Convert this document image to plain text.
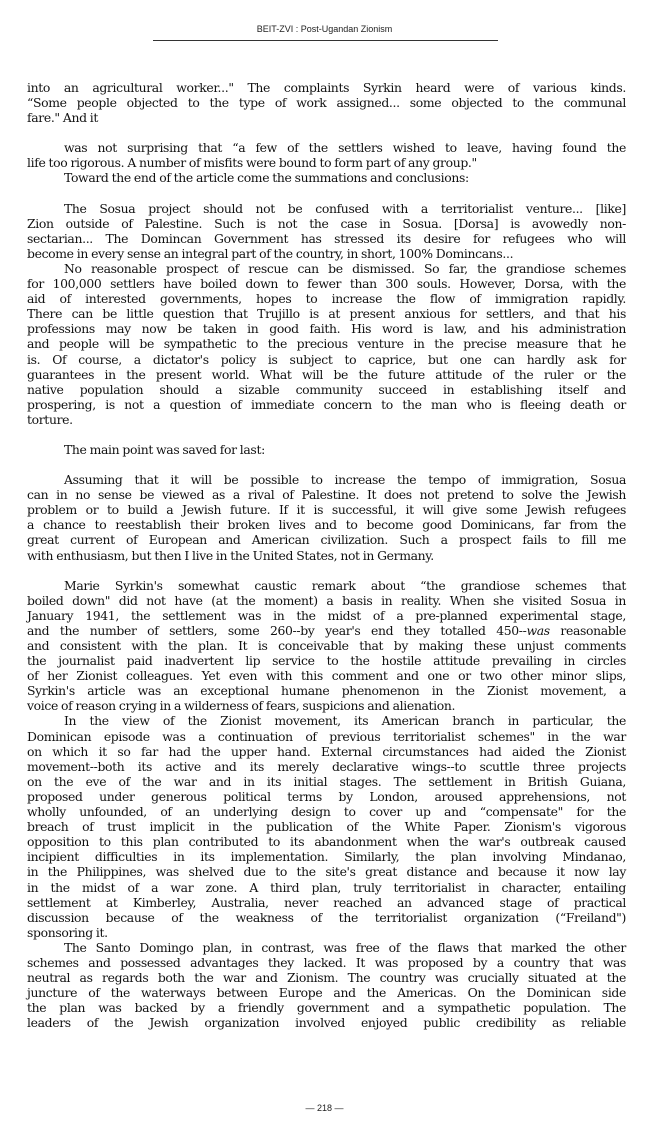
BEIT-ZVI : Post-Ugandan Zionism
into an agricultural worker..." The complaints Syrkin heard were of various kinds.
“Some people objected to the type of work assigned... some objected to the communal
fare." And it
was not surprising that “a few of the settlers wished to leave, having found the
life too rigorous. A number of misfits were bound to form part of any group."
Toward the end of the article come the summations and conclusions:
The Sosua project should not be confused with a territorialist venture... [like]
Zion outside of Palestine. Such is not the case in Sosua. [Dorsa] is avowedly non-
sectarian... The Domincan Government has stressed its desire for refugees who will
become in every sense an integral part of the country, in short, 100% Domincans...
No reasonable prospect of rescue can be dismissed. So far, the grandiose schemes
for 100,000 settlers have boiled down to fewer than 300 souls. However, Dorsa, with the
aid of interested governments, hopes to increase the flow of immigration rapidly.
There can be little question that Trujillo is at present anxious for settlers, and that his
professions may now be taken in good faith. His word is law, and his administration
and people will be sympathetic to the precious venture in the precise measure that he
is. Of course, a dictator's policy is subject to caprice, but one can hardly ask for
guarantees in the present world. What will be the future attitude of the ruler or the
native population should a sizable community succeed in establishing itself and
prospering, is not a question of immediate concern to the man who is fleeing death or
torture.
The main point was saved for last:
Assuming that it will be possible to increase the tempo of immigration, Sosua
can in no sense be viewed as a rival of Palestine. It does not pretend to solve the Jewish
problem or to build a Jewish future. If it is successful, it will give some Jewish refugees
a chance to reestablish their broken lives and to become good Dominicans, far from the
great current of European and American civilization. Such a prospect fails to fill me
with enthusiasm, but then I live in the United States, not in Germany.
Marie Syrkin's somewhat caustic remark about “the grandiose schemes that
boiled down" did not have (at the moment) a basis in reality. When she visited Sosua in
January 1941, the settlement was in the midst of a pre-planned experimental stage,
and the number of settlers, some 260--by year's end they totalled 450--was reasonable
and consistent with the plan. It is conceivable that by making these unjust comments
the journalist paid inadvertent lip service to the hostile attitude prevailing in circles
of her Zionist colleagues. Yet even with this comment and one or two other minor slips,
Syrkin's article was an exceptional humane phenomenon in the Zionist movement, a
voice of reason crying in a wilderness of fears, suspicions and alienation.
In the view of the Zionist movement, its American branch in particular, the
Dominican episode was a continuation of previous territorialist schemes" in the war
on which it so far had the upper hand. External circumstances had aided the Zionist
movement--both its active and its merely declarative wings--to scuttle three projects
on the eve of the war and in its initial stages. The settlement in British Guiana,
proposed under generous political terms by London, aroused apprehensions, not
wholly unfounded, of an underlying design to cover up and “compensate" for the
breach of trust implicit in the publication of the White Paper. Zionism's vigorous
opposition to this plan contributed to its abandonment when the war's outbreak caused
incipient difficulties in its implementation. Similarly, the plan involving Mindanao,
in the Philippines, was shelved due to the site's great distance and because it now lay
in the midst of a war zone. A third plan, truly territorialist in character, entailing
settlement at Kimberley, Australia, never reached an advanced stage of practical
discussion because of the weakness of the territorialist organization (“Freiland")
sponsoring it.
The Santo Domingo plan, in contrast, was free of the flaws that marked the other
schemes and possessed advantages they lacked. It was proposed by a country that was
neutral as regards both the war and Zionism. The country was crucially situated at the
juncture of the waterways between Europe and the Americas. On the Dominican side
the plan was backed by a friendly government and a sympathetic population. The
leaders of the Jewish organization involved enjoyed public credibility as reliable
— 218 —
